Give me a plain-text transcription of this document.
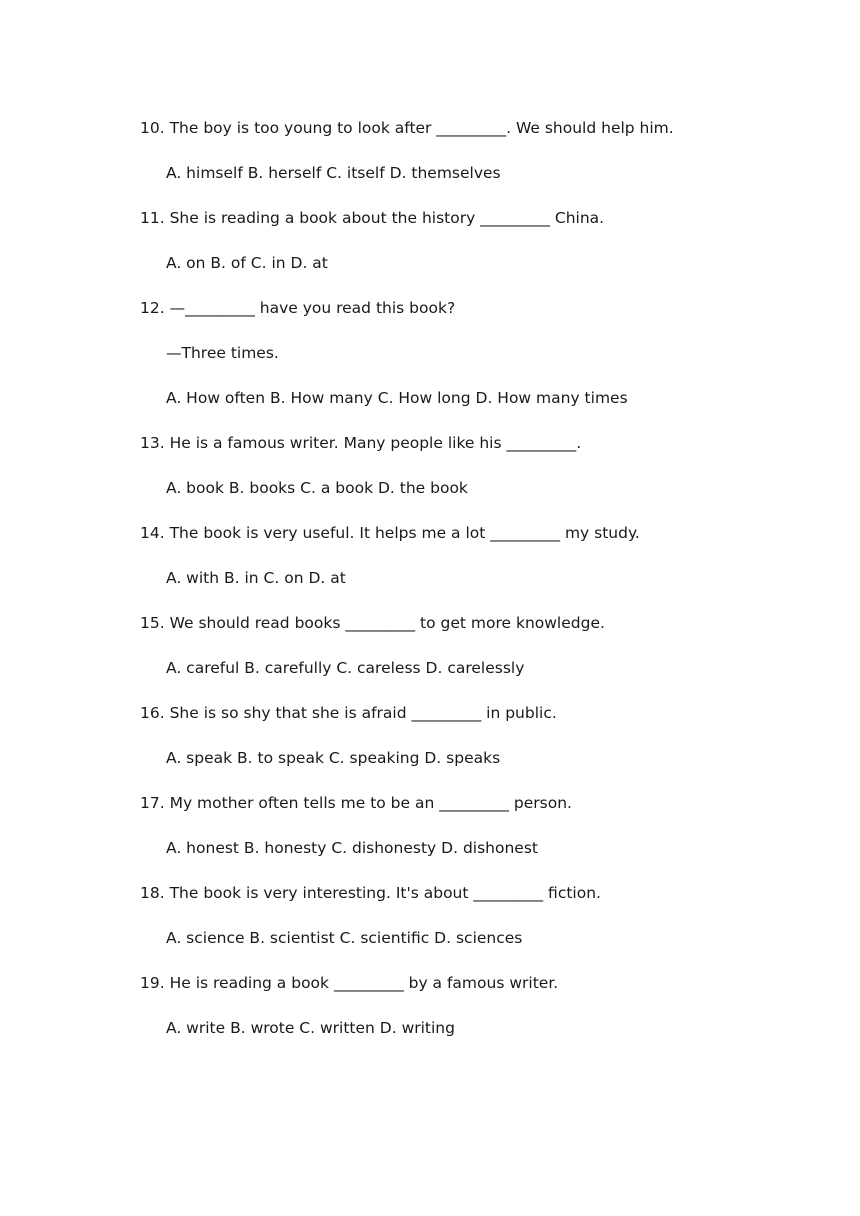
10. The boy is too young to look after _________. We should help him.
A. himself B. herself C. itself D. themselves
11. She is reading a book about the history _________ China.
A. on B. of C. in D. at
12. —_________ have you read this book?
—Three times.
A. How often B. How many C. How long D. How many times
13. He is a famous writer. Many people like his _________.
A. book B. books C. a book D. the book
14. The book is very useful. It helps me a lot _________ my study.
A. with B. in C. on D. at
15. We should read books _________ to get more knowledge.
A. careful B. carefully C. careless D. carelessly
16. She is so shy that she is afraid _________ in public.
A. speak B. to speak C. speaking D. speaks
17. My mother often tells me to be an _________ person.
A. honest B. honesty C. dishonesty D. dishonest
18. The book is very interesting. It's about _________ fiction.
A. science B. scientist C. scientific D. sciences
19. He is reading a book _________ by a famous writer.
A. write B. wrote C. written D. writing
